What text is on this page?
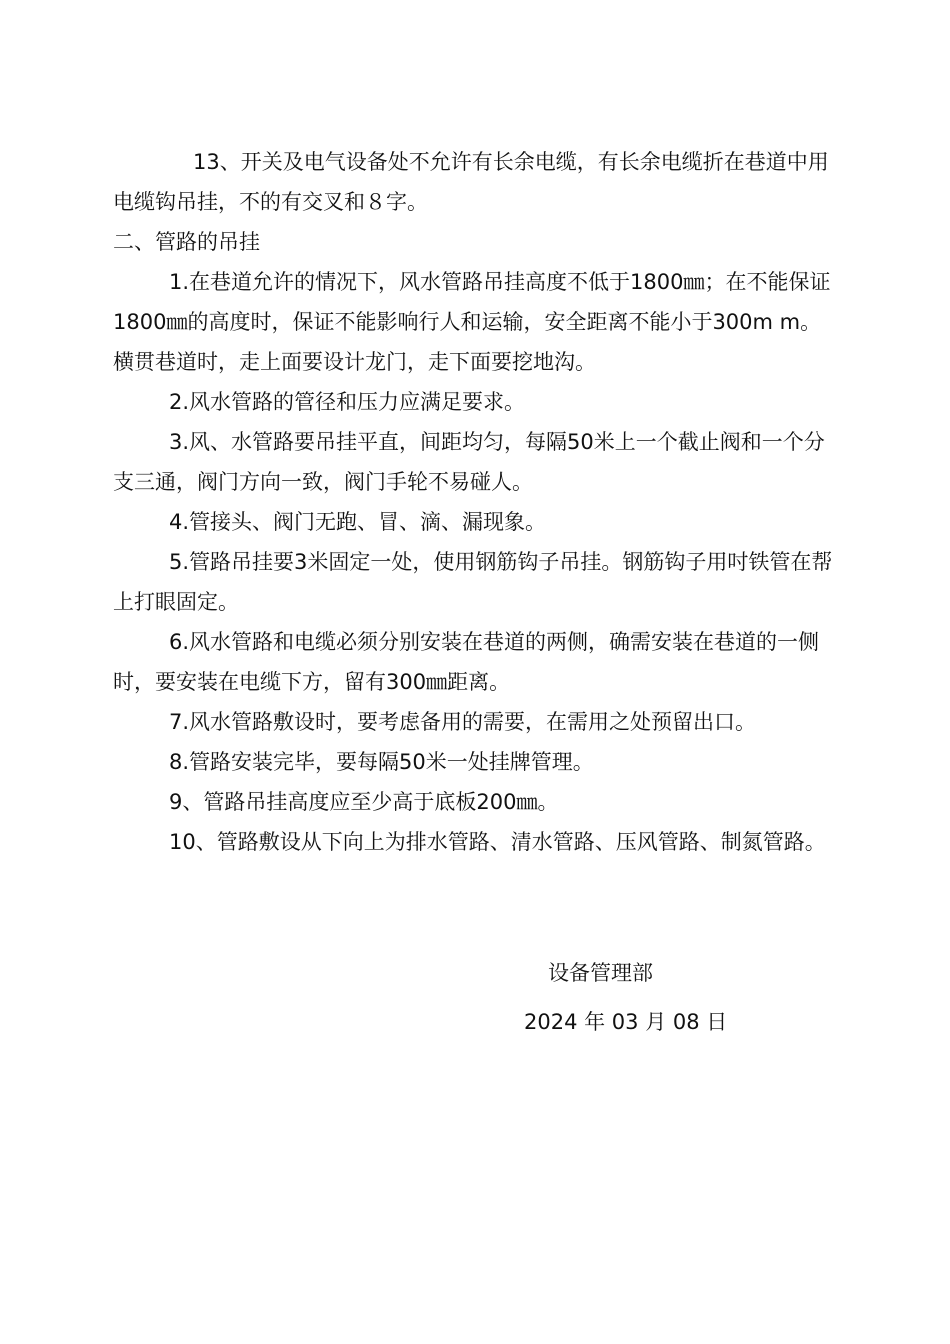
13、开关及电气设备处不允许有长余电缆，有长余电缆折在巷道中用电缆钩吊挂，不的有交叉和８字。

二、管路的吊挂

1.在巷道允许的情况下，风水管路吊挂高度不低于1800㎜；在不能保证1800㎜的高度时，保证不能影响行人和运输，安全距离不能小于300m m。横贯巷道时，走上面要设计龙门，走下面要挖地沟。

2.风水管路的管径和压力应满足要求。

3.风、水管路要吊挂平直，间距均匀，每隔50米上一个截止阀和一个分支三通，阀门方向一致，阀门手轮不易碰人。

4.管接头、阀门无跑、冒、滴、漏现象。

5.管路吊挂要3米固定一处，使用钢筋钩子吊挂。钢筋钩子用吋铁管在帮上打眼固定。

6.风水管路和电缆必须分别安装在巷道的两侧，确需安装在巷道的一侧时，要安装在电缆下方，留有300㎜距离。

7.风水管路敷设时，要考虑备用的需要，在需用之处预留出口。

8.管路安装完毕，要每隔50米一处挂牌管理。

9、管路吊挂高度应至少高于底板200㎜。

10、管路敷设从下向上为排水管路、清水管路、压风管路、制氮管路。

设备管理部
2024 年 03 月 08 日
